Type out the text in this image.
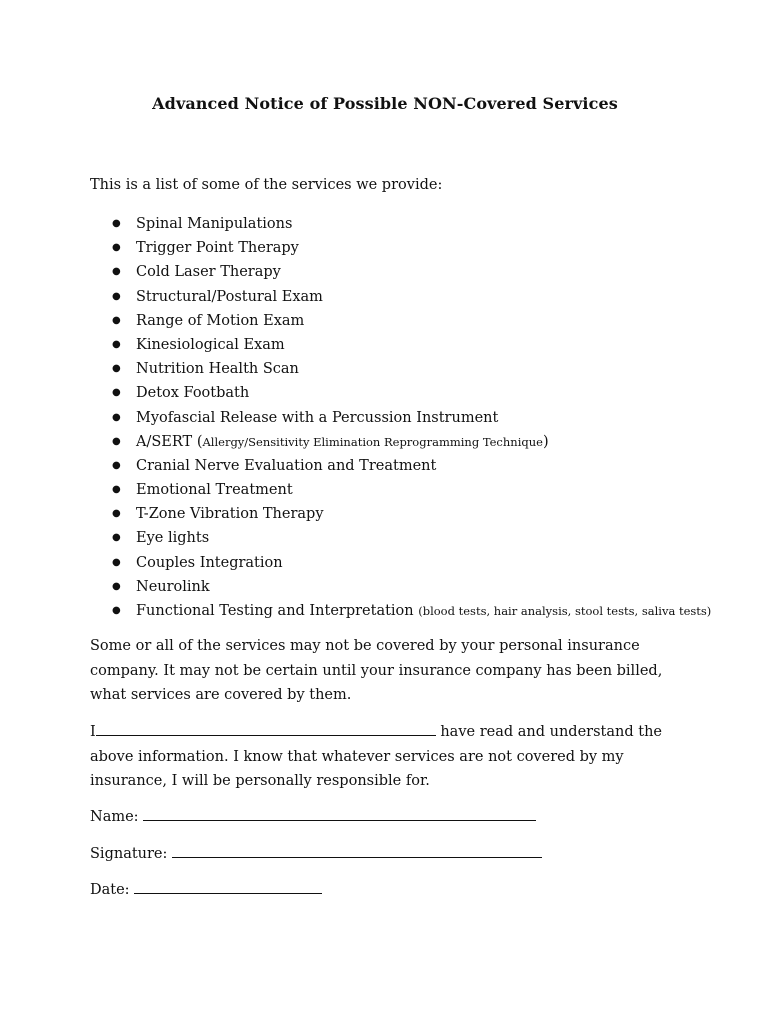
Advanced Notice of Possible NON-Covered Services
This is a list of some of the services we provide:
● Spinal Manipulations
● Trigger Point Therapy
● Cold Laser Therapy
● Structural/Postural Exam
● Range of Motion Exam
● Kinesiological Exam
● Nutrition Health Scan
● Detox Footbath
● Myofascial Release with a Percussion Instrument
● A/SERT (Allergy/Sensitivity Elimination Reprogramming Technique)
● Cranial Nerve Evaluation and Treatment
● Emotional Treatment
● T-Zone Vibration Therapy
● Eye lights
● Couples Integration
● Neurolink
● Functional Testing and Interpretation (blood tests, hair analysis, stool tests, saliva tests)
Some or all of the services may not be covered by your personal insurance company. It may not be certain until your insurance company has been billed, what services are covered by them.
I	have read and understand the above information. I know that whatever services are not covered by my insurance, I will be personally responsible for.
Name:
Signature:
Date:
